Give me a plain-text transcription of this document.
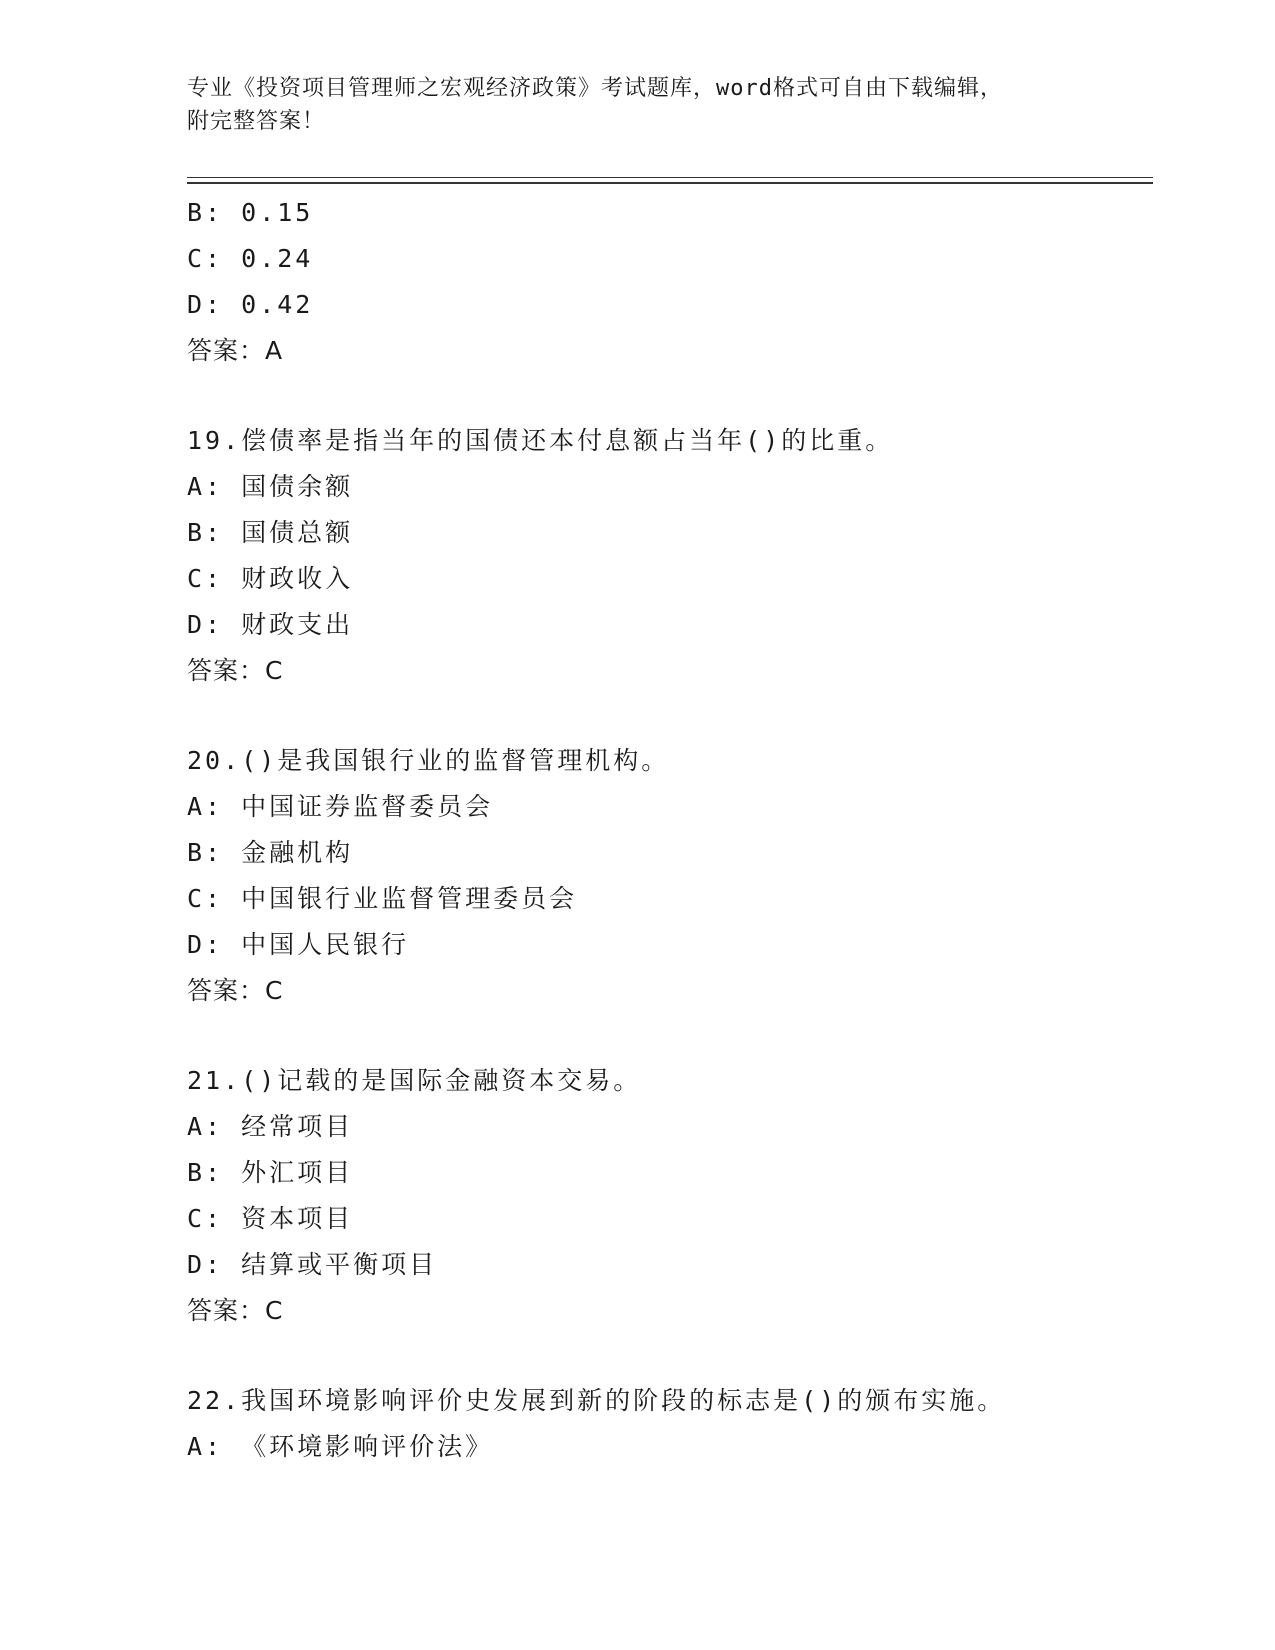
专业《投资项目管理师之宏观经济政策》考试题库，word格式可自由下载编辑，
附完整答案！
B: 0.15
C: 0.24
D: 0.42
答案：A
19.偿债率是指当年的国债还本付息额占当年()的比重。
A: 国债余额
B: 国债总额
C: 财政收入
D: 财政支出
答案：C
20.()是我国银行业的监督管理机构。
A: 中国证券监督委员会
B: 金融机构
C: 中国银行业监督管理委员会
D: 中国人民银行
答案：C
21.()记载的是国际金融资本交易。
A: 经常项目
B: 外汇项目
C: 资本项目
D: 结算或平衡项目
答案：C
22.我国环境影响评价史发展到新的阶段的标志是()的颁布实施。
A: 《环境影响评价法》
